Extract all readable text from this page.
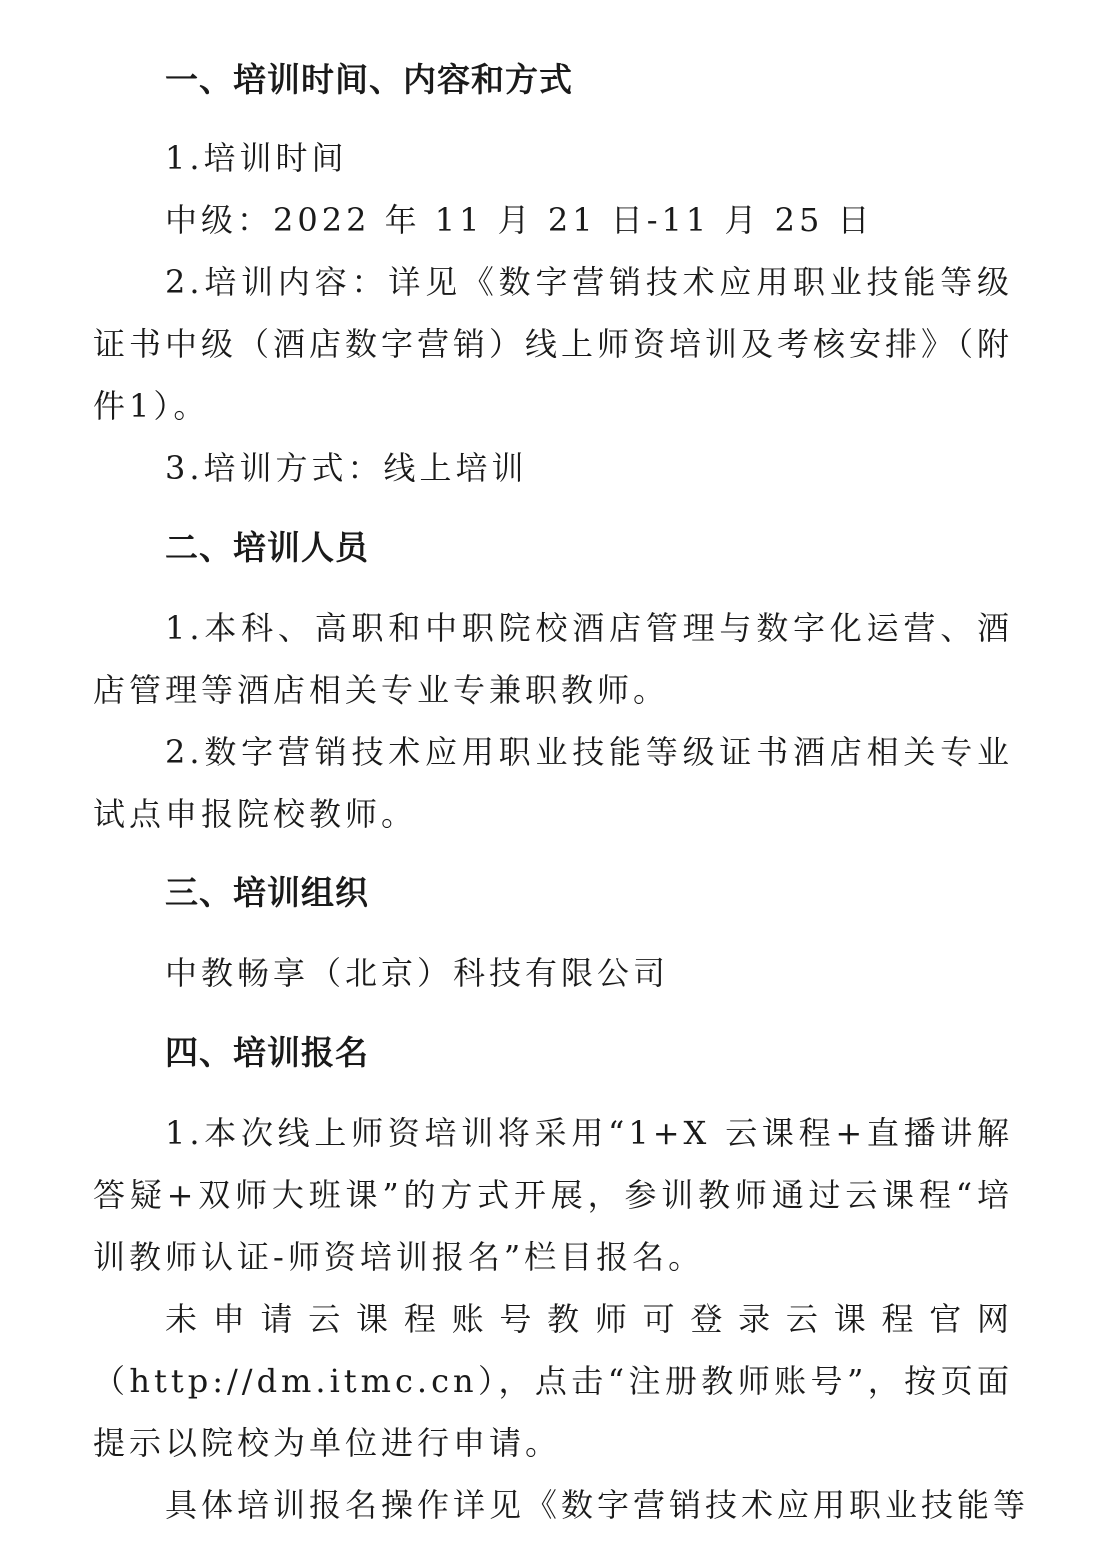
一、培训时间、内容和方式

1.培训时间

中级：2022 年 11 月 21 日-11 月 25 日

2.培训内容：详见《数字营销技术应用职业技能等级证书中级（酒店数字营销）线上师资培训及考核安排》（附件1）。

3.培训方式：线上培训

二、培训人员

1.本科、高职和中职院校酒店管理与数字化运营、酒店管理等酒店相关专业专兼职教师。

2.数字营销技术应用职业技能等级证书酒店相关专业试点申报院校教师。

三、培训组织

中教畅享（北京）科技有限公司

四、培训报名

1.本次线上师资培训将采用“1+X 云课程+直播讲解答疑+双师大班课”的方式开展，参训教师通过云课程“培训教师认证-师资培训报名”栏目报名。

未申请云课程账号教师可登录云课程官网（http://dm.itmc.cn），点击“注册教师账号”，按页面提示以院校为单位进行申请。

具体培训报名操作详见《数字营销技术应用职业技能等
